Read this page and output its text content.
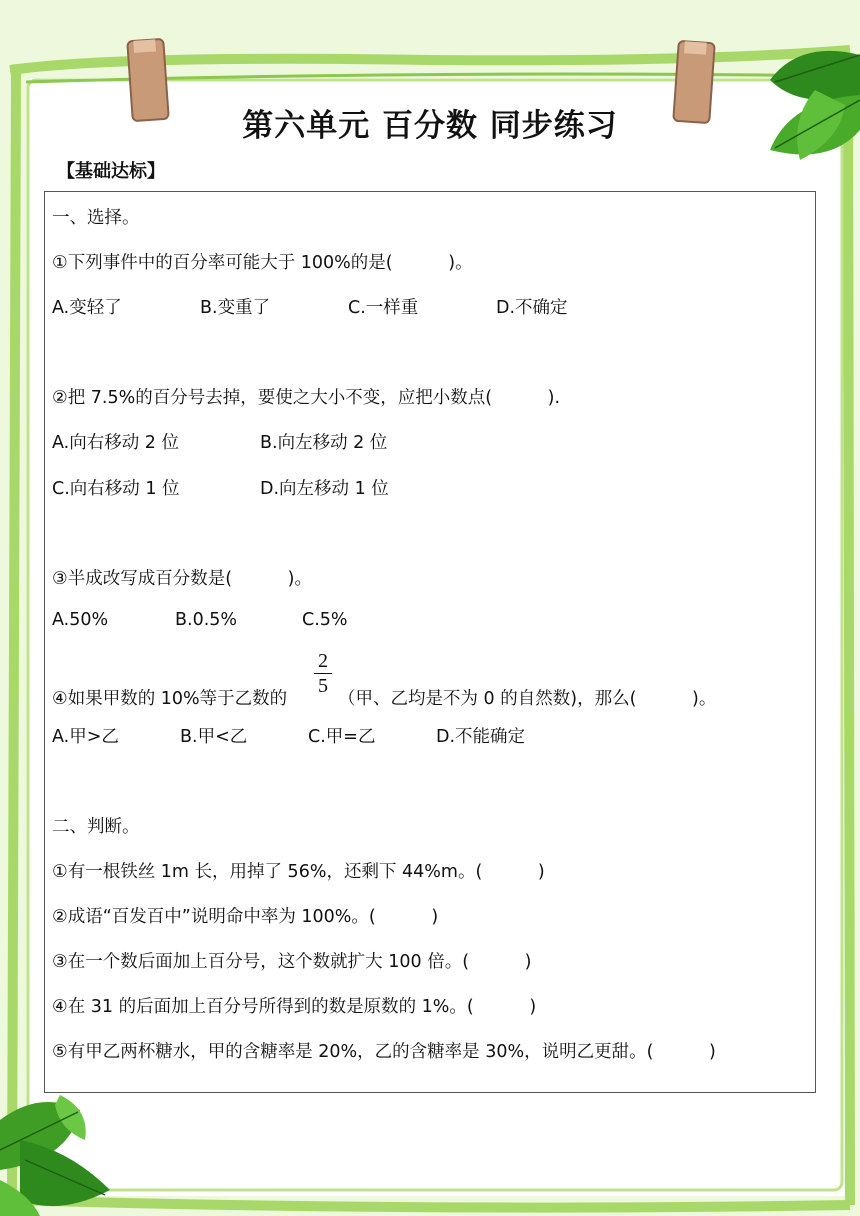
第六单元 百分数 同步练习
【基础达标】
一、选择。
①下列事件中的百分率可能大于 100%的是(          )。
A.变轻了	B.变重了	C.一样重	D.不确定
②把 7.5%的百分号去掉，要使之大小不变，应把小数点(          ).
A.向右移动 2 位	B.向左移动 2 位
C.向右移动 1 位	D.向左移动 1 位
③半成改写成百分数是(          )。
A.50%	B.0.5%	C.5%
④如果甲数的 10%等于乙数的
2
5
（甲、乙均是不为 0 的自然数)，那么(          )。
A.甲>乙	B.甲<乙	C.甲=乙	D.不能确定
二、判断。
①有一根铁丝 1m 长，用掉了 56%，还剩下 44%m。(          )
②成语“百发百中”说明命中率为 100%。(          )
③在一个数后面加上百分号，这个数就扩大 100 倍。(          )
④在 31 的后面加上百分号所得到的数是原数的 1%。(          )
⑤有甲乙两杯糖水，甲的含糖率是 20%，乙的含糖率是 30%，说明乙更甜。(          )
